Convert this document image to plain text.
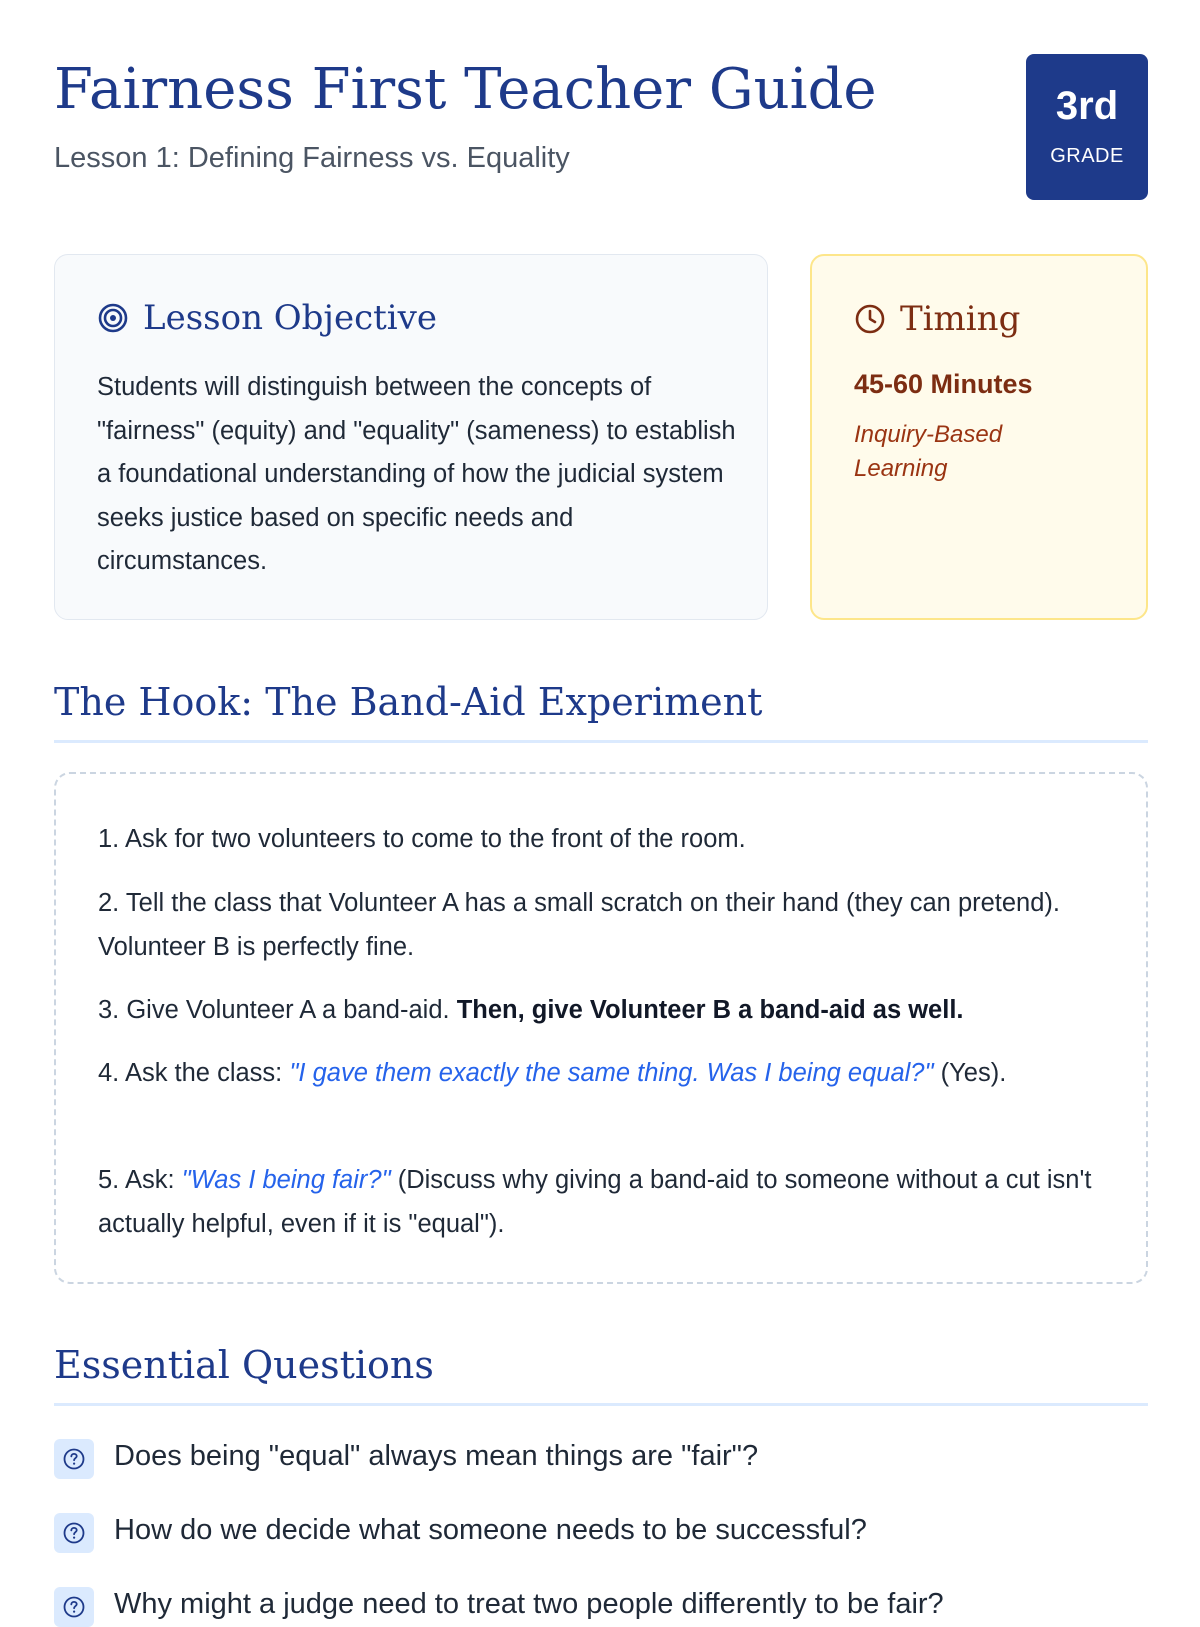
Fairness First Teacher Guide

Lesson 1: Defining Fairness vs. Equality

3rd
GRADE
Lesson Objective

Students will distinguish between the concepts of "fairness" (equity) and "equality" (sameness) to establish a foundational understanding of how the judicial system seeks justice based on specific needs and circumstances.

Timing

45-60 Minutes

Inquiry-Based Learning

The Hook: The Band-Aid Experiment

1. Ask for two volunteers to come to the front of the room.

2. Tell the class that Volunteer A has a small scratch on their hand (they can pretend). Volunteer B is perfectly fine.

3. Give Volunteer A a band-aid. Then, give Volunteer B a band-aid as well.

4. Ask the class: "I gave them exactly the same thing. Was I being equal?" (Yes).

5. Ask: "Was I being fair?" (Discuss why giving a band-aid to someone without a cut isn't actually helpful, even if it is "equal").

Essential Questions
Does being "equal" always mean things are "fair"?
How do we decide what someone needs to be successful?
Why might a judge need to treat two people differently to be fair?
